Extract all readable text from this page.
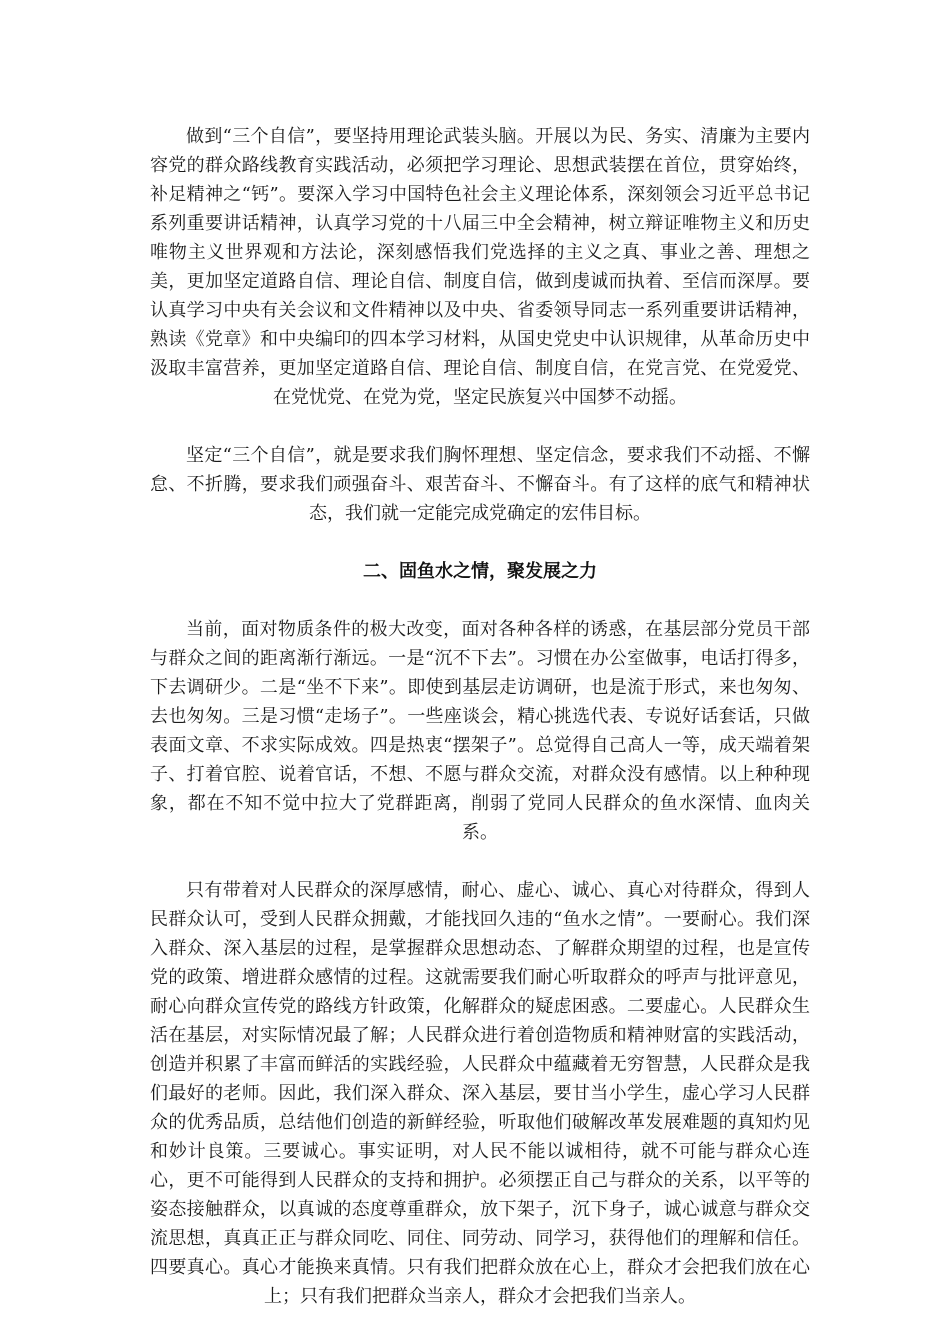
做到“三个自信”，要坚持用理论武装头脑。开展以为民、务实、清廉为主要内容党的群众路线教育实践活动，必须把学习理论、思想武装摆在首位，贯穿始终，补足精神之“钙”。要深入学习中国特色社会主义理论体系，深刻领会习近平总书记系列重要讲话精神，认真学习党的十八届三中全会精神，树立辩证唯物主义和历史唯物主义世界观和方法论，深刻感悟我们党选择的主义之真、事业之善、理想之美，更加坚定道路自信、理论自信、制度自信，做到虔诚而执着、至信而深厚。要认真学习中央有关会议和文件精神以及中央、省委领导同志一系列重要讲话精神，熟读《党章》和中央编印的四本学习材料，从国史党史中认识规律，从革命历史中汲取丰富营养，更加坚定道路自信、理论自信、制度自信，在党言党、在党爱党、在党忧党、在党为党，坚定民族复兴中国梦不动摇。

坚定“三个自信”，就是要求我们胸怀理想、坚定信念，要求我们不动摇、不懈怠、不折腾，要求我们顽强奋斗、艰苦奋斗、不懈奋斗。有了这样的底气和精神状态，我们就一定能完成党确定的宏伟目标。

二、固鱼水之情，聚发展之力

当前，面对物质条件的极大改变，面对各种各样的诱惑，在基层部分党员干部与群众之间的距离渐行渐远。一是“沉不下去”。习惯在办公室做事，电话打得多，下去调研少。二是“坐不下来”。即使到基层走访调研，也是流于形式，来也匆匆、去也匆匆。三是习惯“走场子”。一些座谈会，精心挑选代表、专说好话套话，只做表面文章、不求实际成效。四是热衷“摆架子”。总觉得自己高人一等，成天端着架子、打着官腔、说着官话，不想、不愿与群众交流，对群众没有感情。以上种种现象，都在不知不觉中拉大了党群距离，削弱了党同人民群众的鱼水深情、血肉关系。

只有带着对人民群众的深厚感情，耐心、虚心、诚心、真心对待群众，得到人民群众认可，受到人民群众拥戴，才能找回久违的“鱼水之情”。一要耐心。我们深入群众、深入基层的过程，是掌握群众思想动态、了解群众期望的过程，也是宣传党的政策、增进群众感情的过程。这就需要我们耐心听取群众的呼声与批评意见，耐心向群众宣传党的路线方针政策，化解群众的疑虑困惑。二要虚心。人民群众生活在基层，对实际情况最了解；人民群众进行着创造物质和精神财富的实践活动，创造并积累了丰富而鲜活的实践经验，人民群众中蕴藏着无穷智慧，人民群众是我们最好的老师。因此，我们深入群众、深入基层，要甘当小学生，虚心学习人民群众的优秀品质，总结他们创造的新鲜经验，听取他们破解改革发展难题的真知灼见和妙计良策。三要诚心。事实证明，对人民不能以诚相待，就不可能与群众心连心，更不可能得到人民群众的支持和拥护。必须摆正自己与群众的关系，以平等的姿态接触群众，以真诚的态度尊重群众，放下架子，沉下身子，诚心诚意与群众交流思想，真真正正与群众同吃、同住、同劳动、同学习，获得他们的理解和信任。四要真心。真心才能换来真情。只有我们把群众放在心上，群众才会把我们放在心上；只有我们把群众当亲人，群众才会把我们当亲人。
